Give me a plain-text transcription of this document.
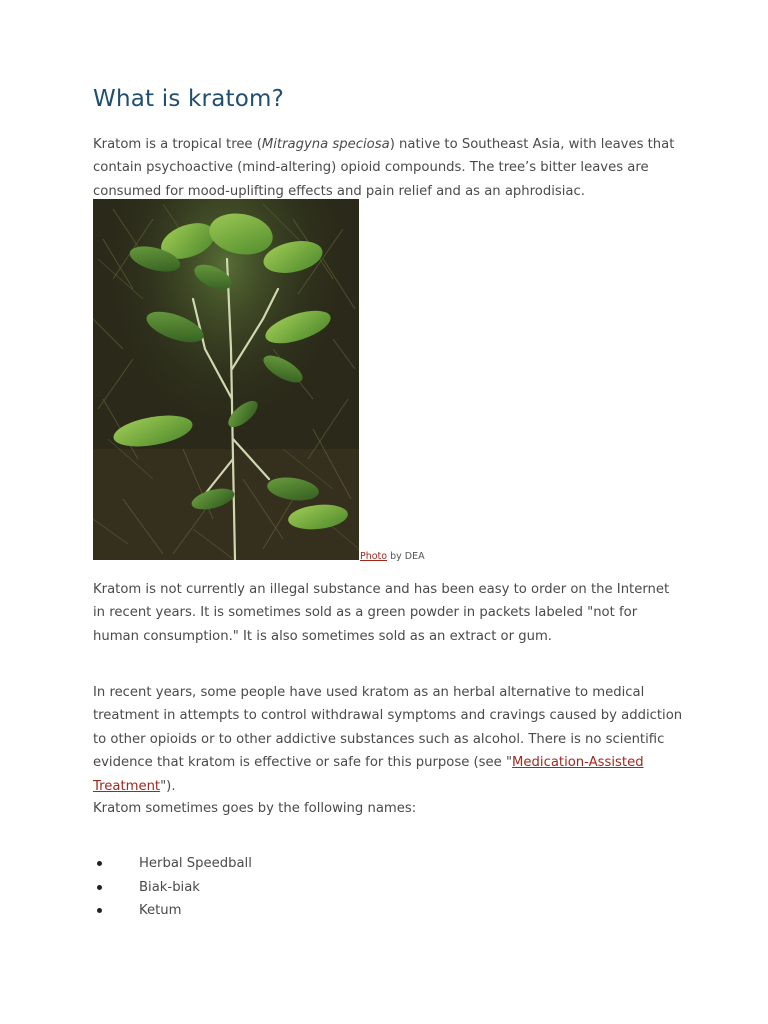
What is kratom?

Kratom is a tropical tree (Mitragyna speciosa) native to Southeast Asia, with leaves that contain psychoactive (mind-altering) opioid compounds. The tree’s bitter leaves are consumed for mood-uplifting effects and pain relief and as an aphrodisiac.

Photo by DEA

Kratom is not currently an illegal substance and has been easy to order on the Internet in recent years. It is sometimes sold as a green powder in packets labeled "not for human consumption." It is also sometimes sold as an extract or gum.

In recent years, some people have used kratom as an herbal alternative to medical treatment in attempts to control withdrawal symptoms and cravings caused by addiction to other opioids or to other addictive substances such as alcohol. There is no scientific evidence that kratom is effective or safe for this purpose (see "Medication-Assisted Treatment").

Kratom sometimes goes by the following names:

Herbal Speedball
Biak-biak
Ketum
